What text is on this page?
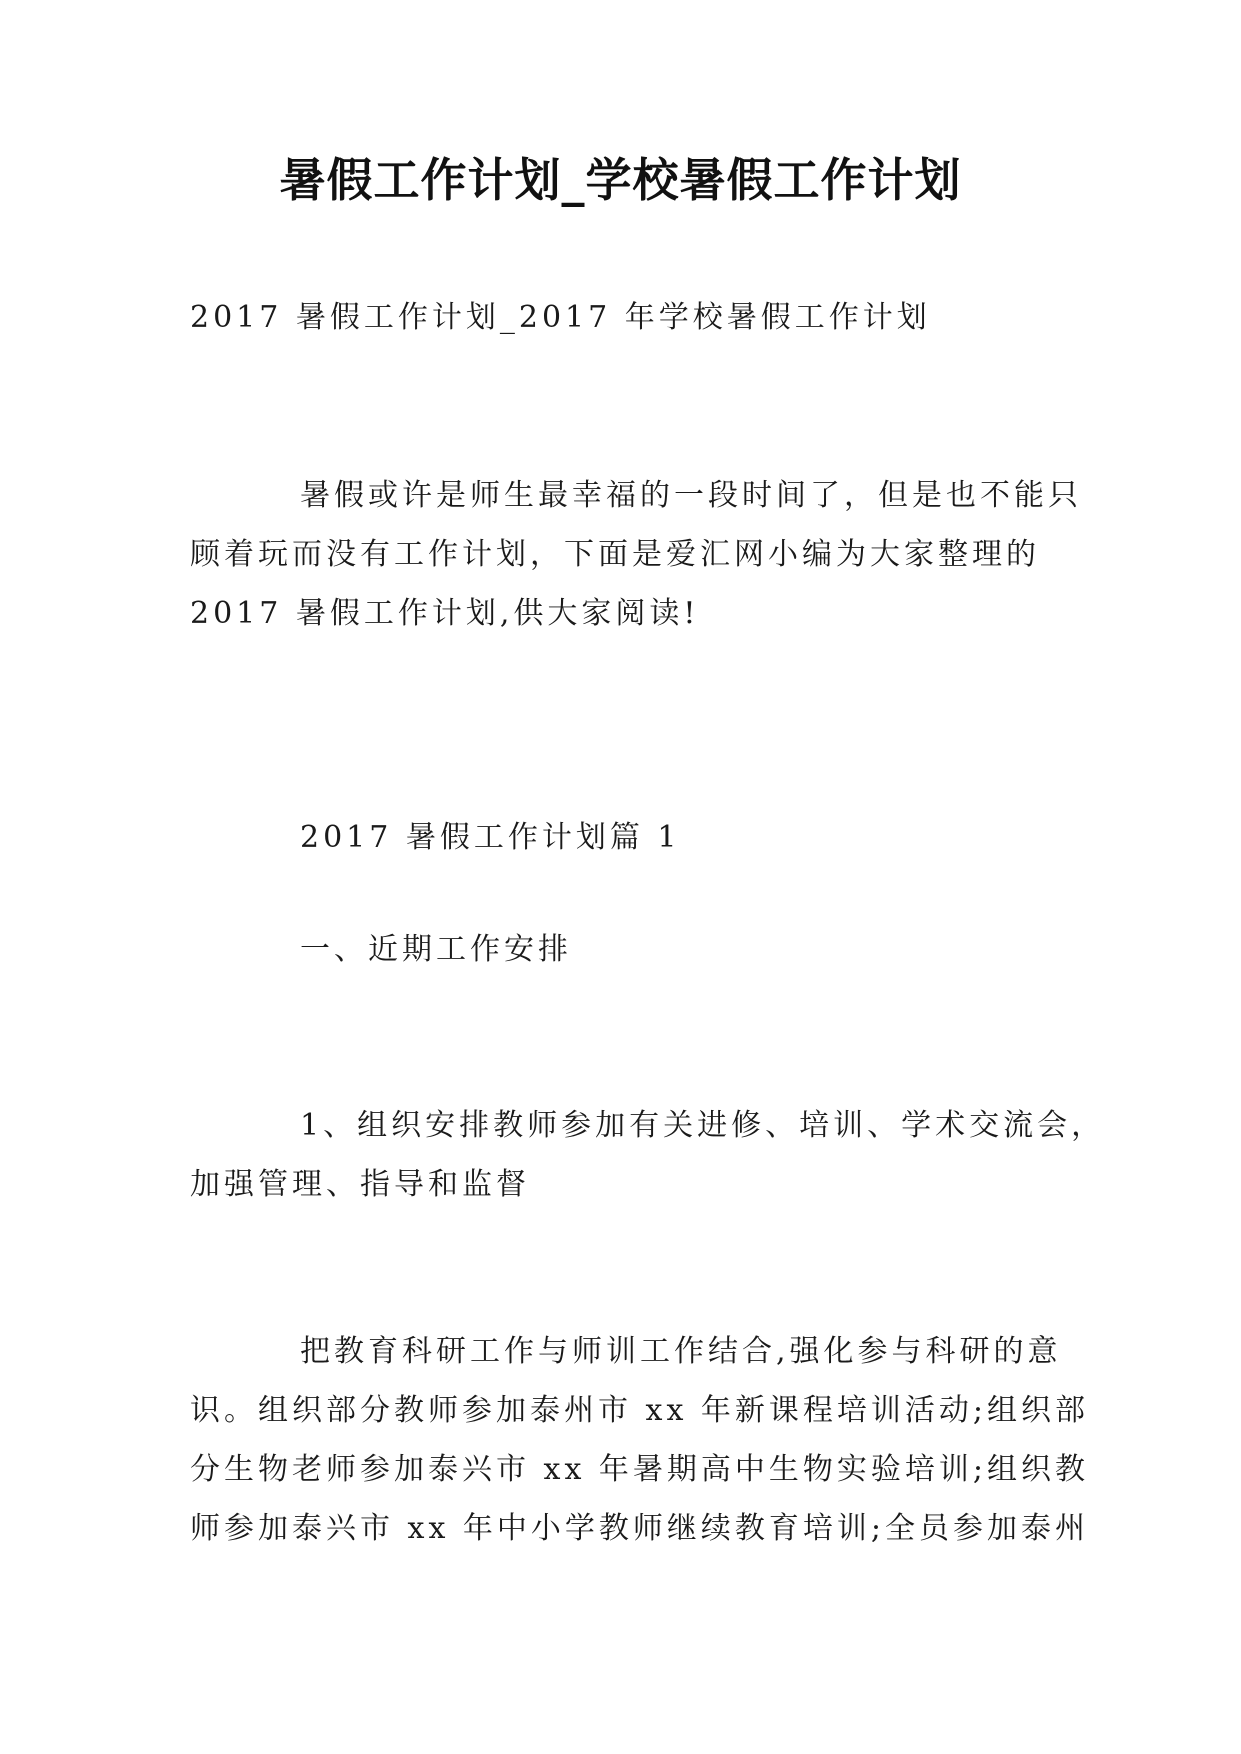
暑假工作计划_学校暑假工作计划
2017 暑假工作计划_2017 年学校暑假工作计划
暑假或许是师生最幸福的一段时间了，但是也不能只
顾着玩而没有工作计划，下面是爱汇网小编为大家整理的
2017 暑假工作计划,供大家阅读!
2017 暑假工作计划篇 1
一、近期工作安排
1、组织安排教师参加有关进修、培训、学术交流会，
加强管理、指导和监督
把教育科研工作与师训工作结合,强化参与科研的意
识。组织部分教师参加泰州市 xx 年新课程培训活动;组织部
分生物老师参加泰兴市 xx 年暑期高中生物实验培训;组织教
师参加泰兴市 xx 年中小学教师继续教育培训;全员参加泰州
